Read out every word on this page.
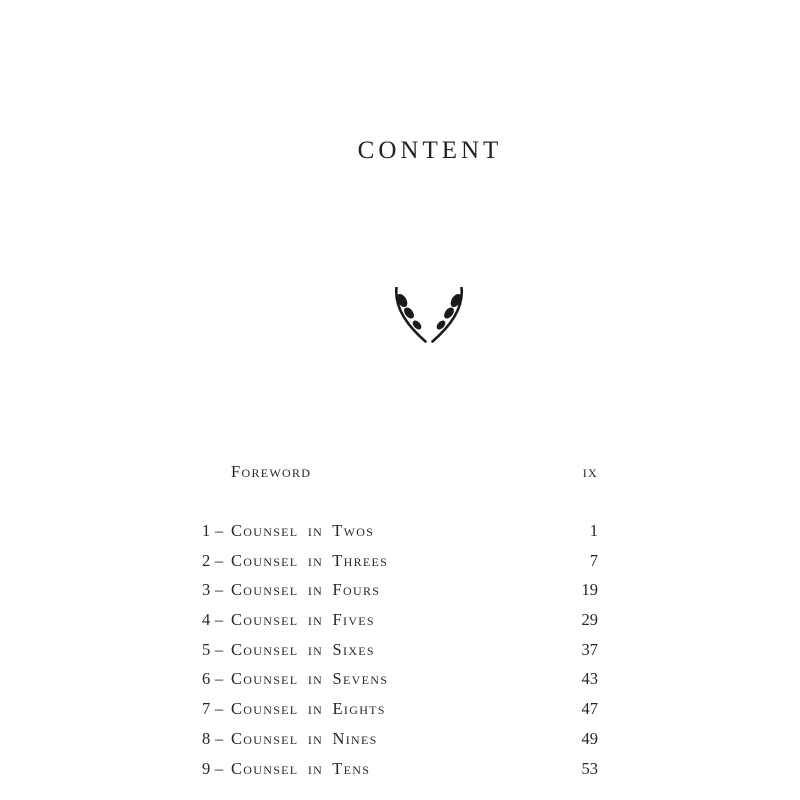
CONTENT
Foreword	ix
1 – Counsel in Twos	1
2 – Counsel in Threes	7
3 – Counsel in Fours	19
4 – Counsel in Fives	29
5 – Counsel in Sixes	37
6 – Counsel in Sevens	43
7 – Counsel in Eights	47
8 – Counsel in Nines	49
9 – Counsel in Tens	53
